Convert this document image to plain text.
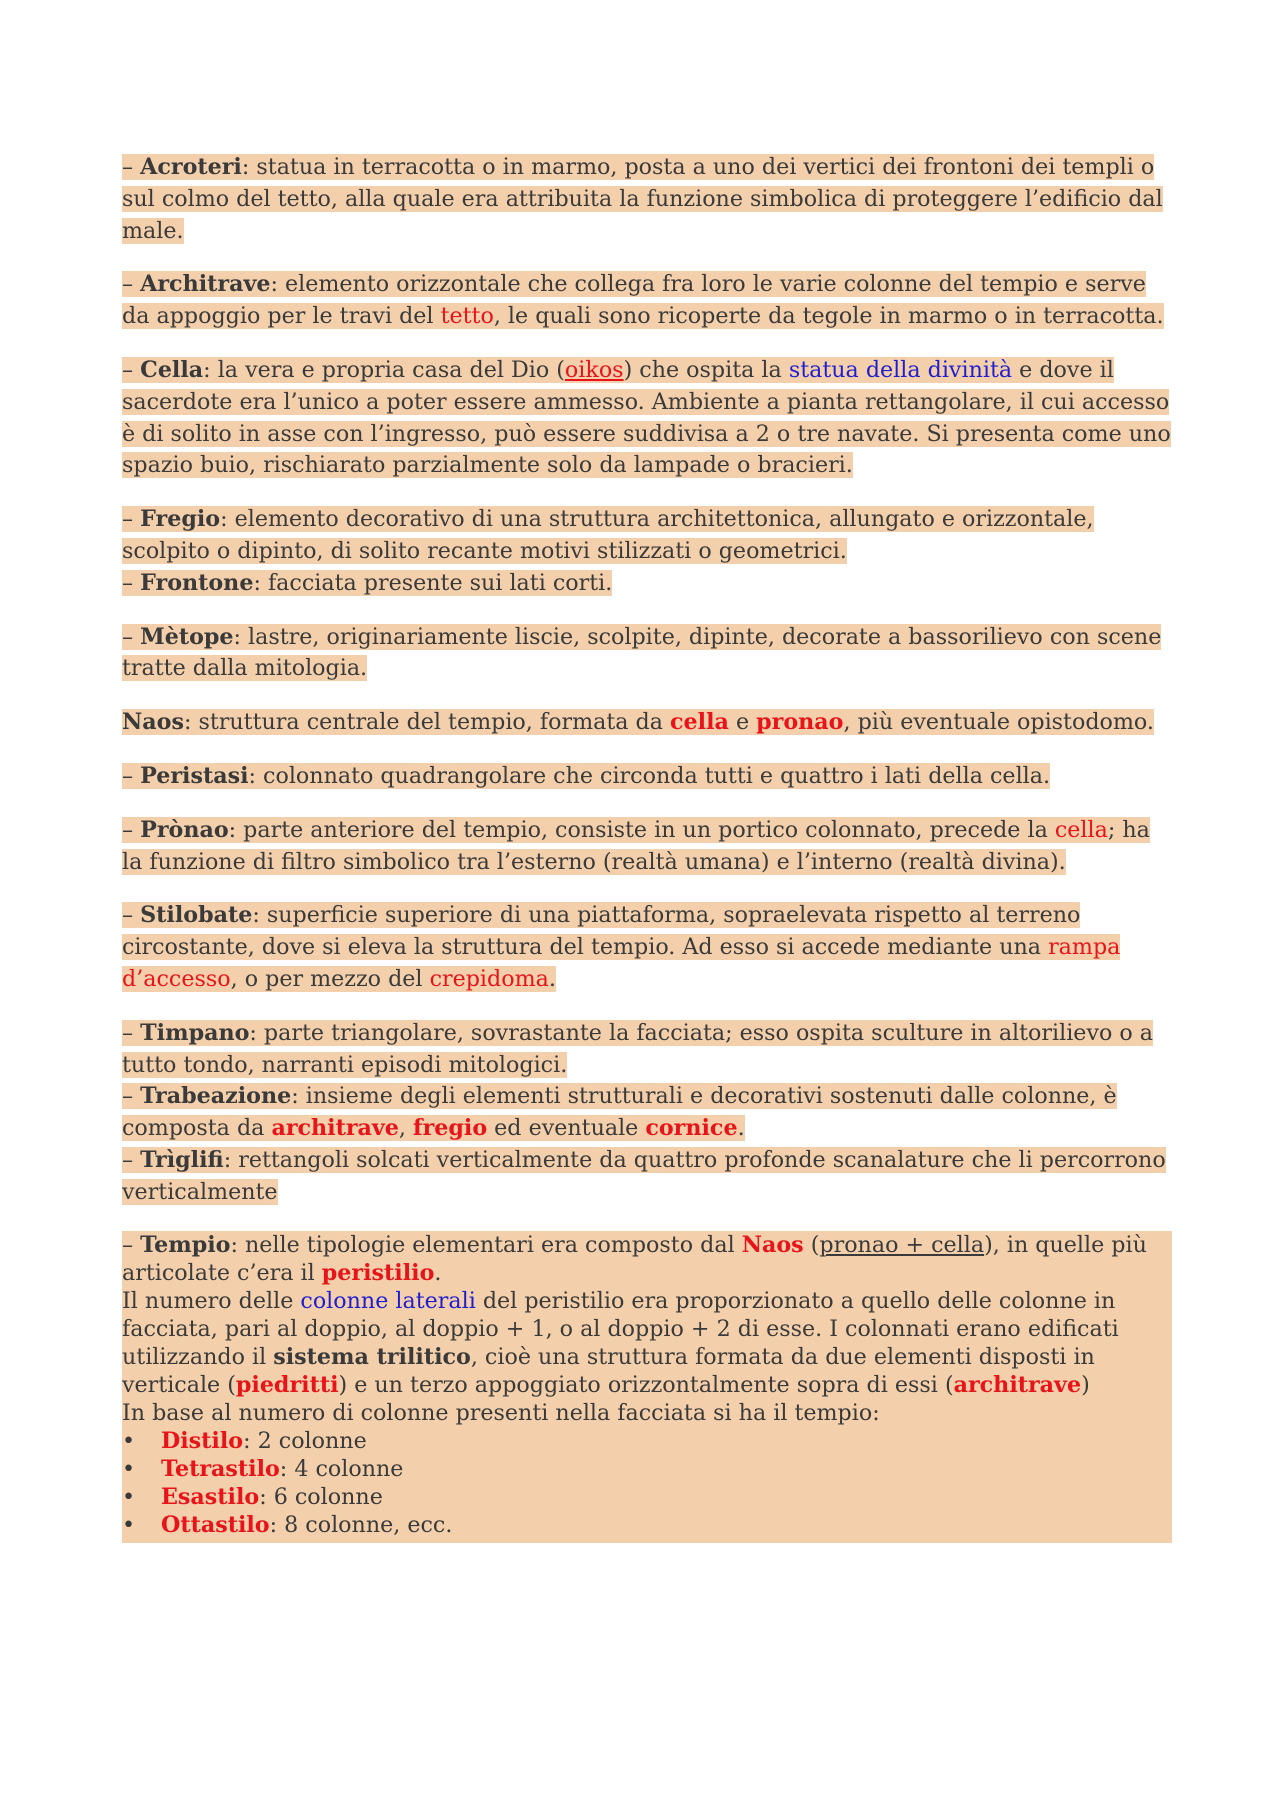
– Acroteri: statua in terracotta o in marmo, posta a uno dei vertici dei frontoni dei templi o sul colmo del tetto, alla quale era attribuita la funzione simbolica di proteggere l’edificio dal male.

– Architrave: elemento orizzontale che collega fra loro le varie colonne del tempio e serve da appoggio per le travi del tetto, le quali sono ricoperte da tegole in marmo o in terracotta.

– Cella: la vera e propria casa del Dio (oikos) che ospita la statua della divinità e dove il sacerdote era l’unico a poter essere ammesso. Ambiente a pianta rettangolare, il cui accesso è di solito in asse con l’ingresso, può essere suddivisa a 2 o tre navate. Si presenta come uno spazio buio, rischiarato parzialmente solo da lampade o bracieri.

– Fregio: elemento decorativo di una struttura architettonica, allungato e orizzontale, scolpito o dipinto, di solito recante motivi stilizzati o geometrici.

– Frontone: facciata presente sui lati corti.

– Mètope: lastre, originariamente liscie, scolpite, dipinte, decorate a bassorilievo con scene tratte dalla mitologia.

Naos: struttura centrale del tempio, formata da cella e pronao, più eventuale opistodomo.

– Peristasi: colonnato quadrangolare che circonda tutti e quattro i lati della cella.

– Prònao: parte anteriore del tempio, consiste in un portico colonnato, precede la cella; ha la funzione di filtro simbolico tra l’esterno (realtà umana) e l’interno (realtà divina).

– Stilobate: superficie superiore di una piattaforma, sopraelevata rispetto al terreno circostante, dove si eleva la struttura del tempio. Ad esso si accede mediante una rampa d’accesso, o per mezzo del crepidoma.

– Timpano: parte triangolare, sovrastante la facciata; esso ospita sculture in altorilievo o a tutto tondo, narranti episodi mitologici.

– Trabeazione: insieme degli elementi strutturali e decorativi sostenuti dalle colonne, è composta da architrave, fregio ed eventuale cornice.

– Trìglifi: rettangoli solcati verticalmente da quattro profonde scanalature che li percorrono verticalmente

– Tempio: nelle tipologie elementari era composto dal Naos (pronao + cella), in quelle più articolate c’era il peristilio.

Il numero delle colonne laterali del peristilio era proporzionato a quello delle colonne in facciata, pari al doppio, al doppio + 1, o al doppio + 2 di esse. I colonnati erano edificati utilizzando il sistema trilitico, cioè una struttura formata da due elementi disposti in verticale (piedritti) e un terzo appoggiato orizzontalmente sopra di essi (architrave)

In base al numero di colonne presenti nella facciata si ha il tempio:

• Distilo: 2 colonne
• Tetrastilo: 4 colonne
• Esastilo: 6 colonne
• Ottastilo: 8 colonne, ecc.
